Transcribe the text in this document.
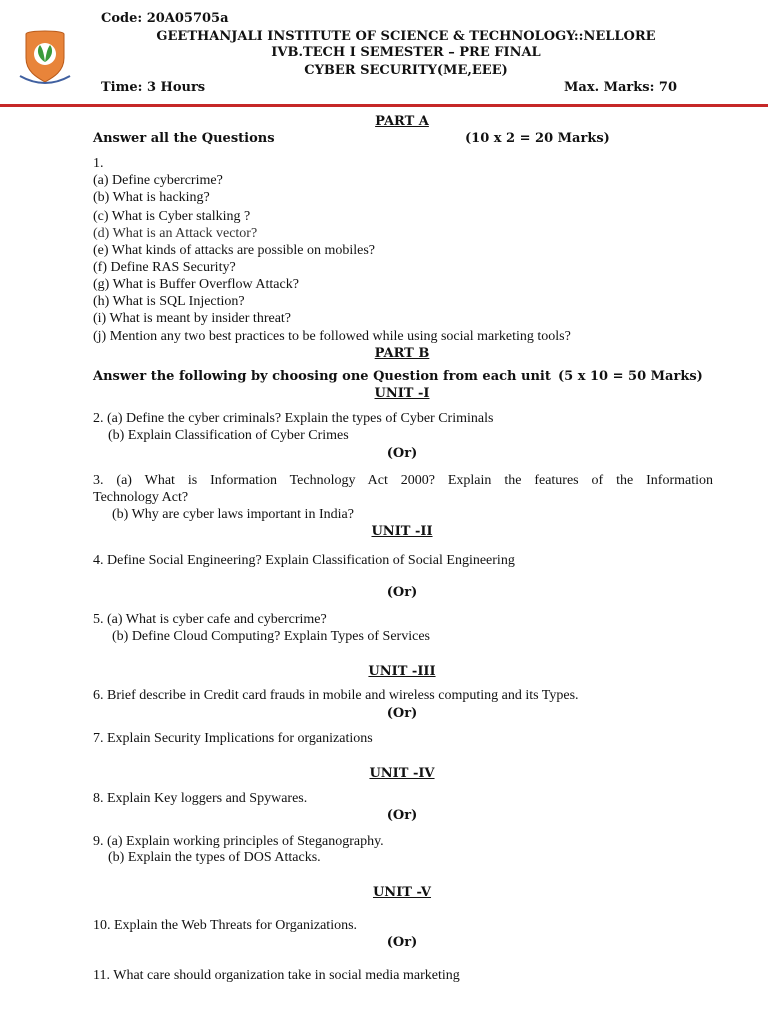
Code: 20A05705a
GEETHANJALI INSTITUTE OF SCIENCE & TECHNOLOGY::NELLORE
IVB.TECH I SEMESTER – PRE FINAL
CYBER SECURITY(ME,EEE)
Time: 3 Hours	Max. Marks: 70
PART A
Answer all the Questions	(10 x 2 = 20 Marks)
1.
(a) Define cybercrime?
(b) What is hacking?
(c) What is Cyber stalking ?
(d) What is an Attack vector?
(e) What kinds of attacks are possible on mobiles?
(f) Define RAS Security?
(g) What is Buffer Overflow Attack?
(h) What is SQL Injection?
(i) What is meant by insider threat?
(j) Mention any two best practices to be followed while using social marketing tools?
PART B
Answer the following by choosing one Question from each unit (5 x 10 = 50 Marks)
UNIT -I
2. (a) Define the cyber criminals? Explain the types of Cyber Criminals
(b) Explain Classification of Cyber Crimes
(Or)
3. (a) What is Information Technology Act 2000? Explain the features of the Information
Technology Act?
(b) Why are cyber laws important in India?
UNIT -II
4. Define Social Engineering? Explain Classification of Social Engineering
(Or)
5. (a) What is cyber cafe and cybercrime?
(b) Define Cloud Computing? Explain Types of Services
UNIT -III
6. Brief describe in Credit card frauds in mobile and wireless computing and its Types.
(Or)
7. Explain Security Implications for organizations
UNIT -IV
8. Explain Key loggers and Spywares.
(Or)
9. (a) Explain working principles of Steganography.
(b) Explain the types of DOS Attacks.
UNIT -V
10. Explain the Web Threats for Organizations.
(Or)
11. What care should organization take in social media marketing
